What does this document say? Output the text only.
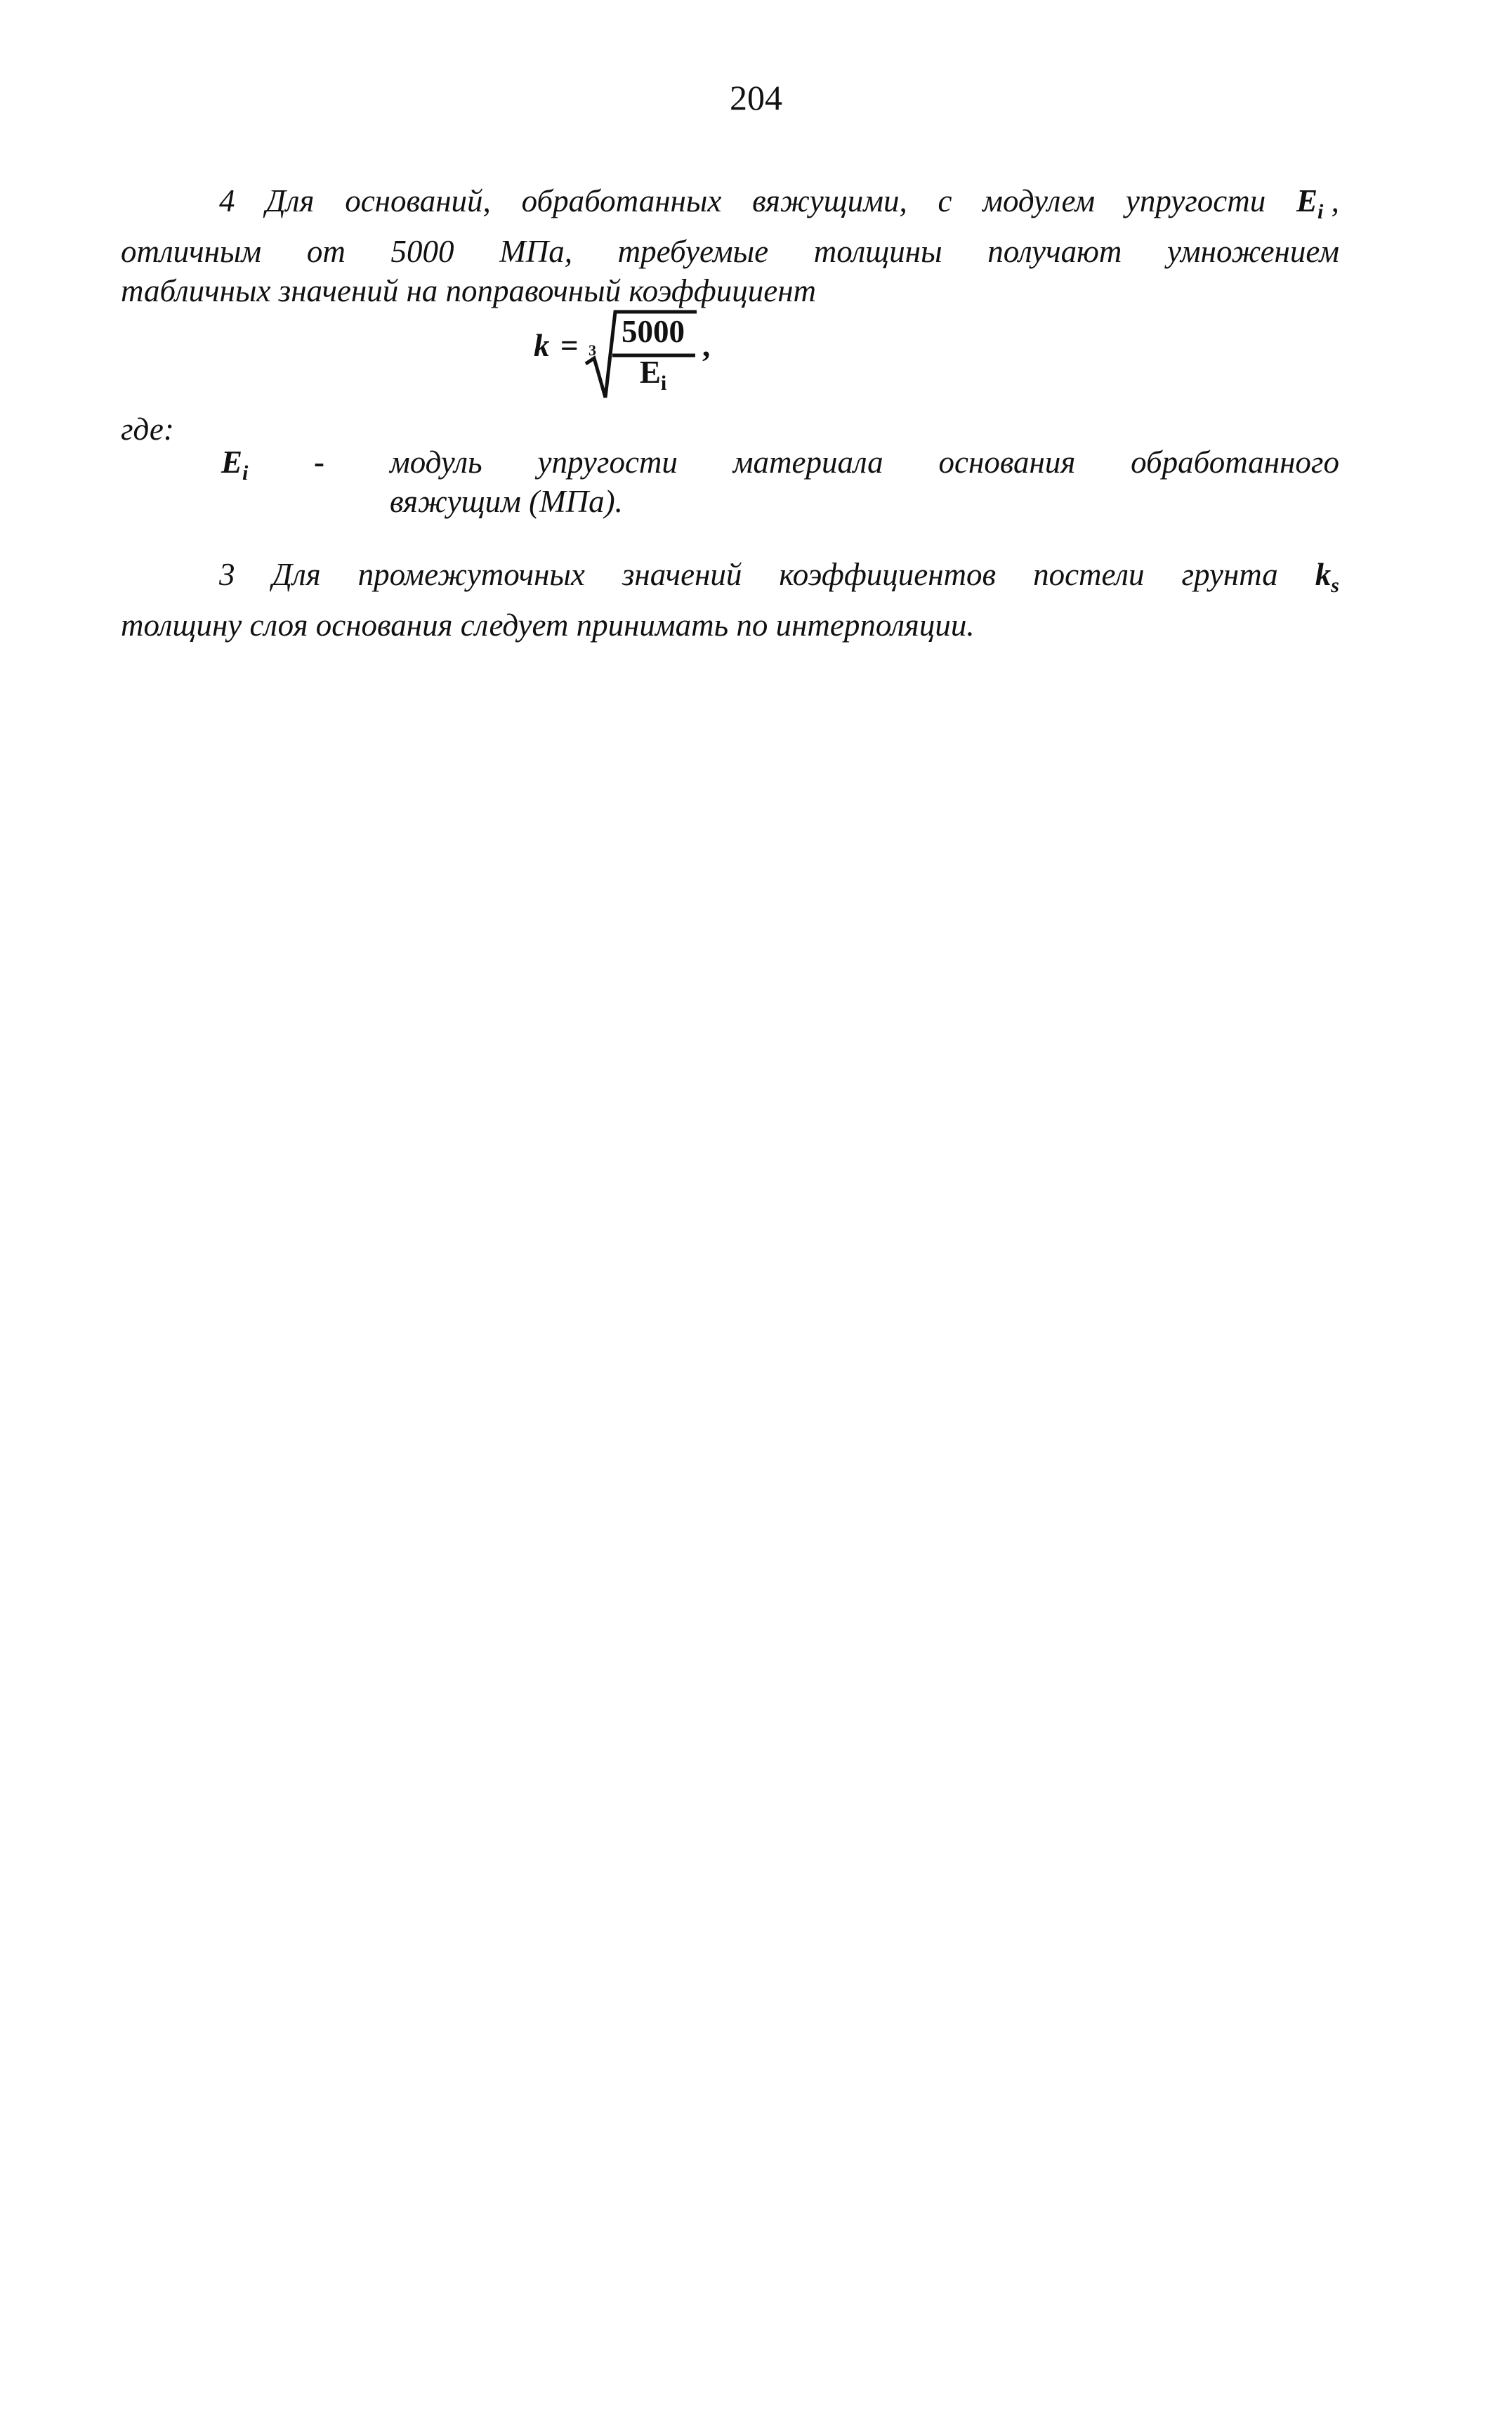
204
4 Для оснований, обработанных вяжущими, с модулем упругости $E_i$ ,
отличным от 5000 МПа, требуемые толщины получают умножением
табличных значений на поправочный коэффициент
k = 3
5000
$E_i$
,
где:
$E_i$ - модуль упругости материала основания обработанного
вяжущим (МПа).
3 Для промежуточных значений коэффициентов постели грунта $k_s$
толщину слоя основания следует принимать по интерполяции.
